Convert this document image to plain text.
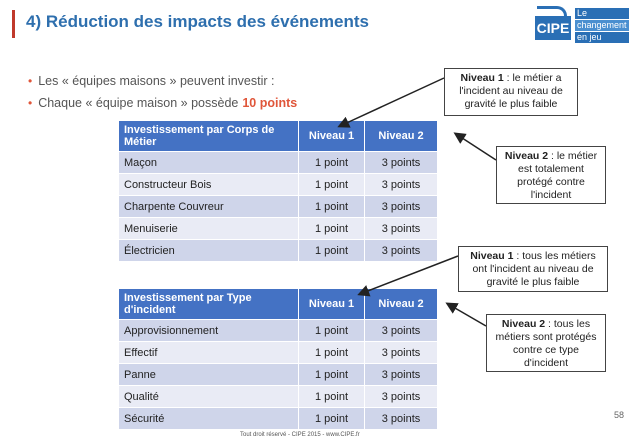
4) Réduction des impacts des événements	CIPE
Le
changement
en jeu
• Les « équipes maisons » peuvent investir :
• Chaque « équipe maison » possède 10 points
Investissement par Corps de Métier	Niveau 1	Niveau 2
Maçon	1 point	3 points
Constructeur Bois	1 point	3 points
Charpente Couvreur	1 point	3 points
Menuiserie	1 point	3 points
Électricien	1 point	3 points
Investissement par Type d'incident	Niveau 1	Niveau 2
Approvisionnement	1 point	3 points
Effectif	1 point	3 points
Panne	1 point	3 points
Qualité	1 point	3 points
Sécurité	1 point	3 points
Niveau 1 : le métier a l'incident au niveau de gravité le plus faible
Niveau 2 : le métier est totalement protégé contre l'incident
Niveau 1 : tous les métiers ont l'incident au niveau de gravité le plus faible
Niveau 2 : tous les métiers sont protégés contre ce type d'incident
Tout droit réservé - CIPE 2015 - www.CIPE.fr
58
